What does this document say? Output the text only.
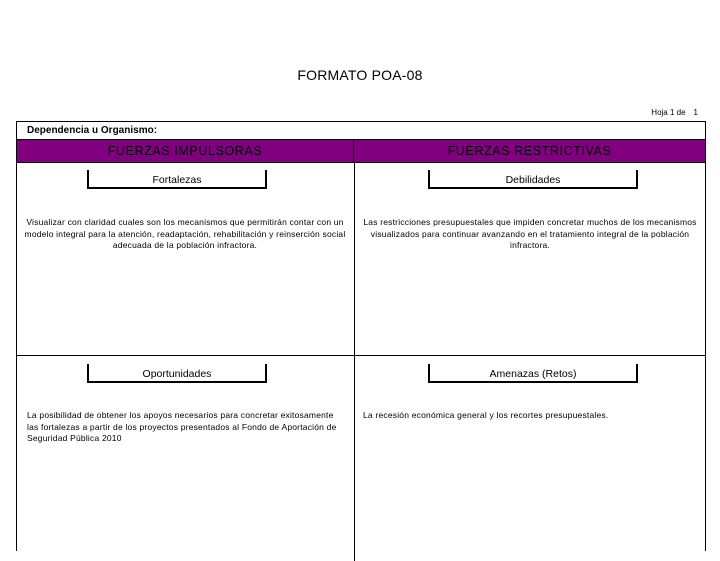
FORMATO POA-08
Hoja 1 de 1
Dependencia u Organismo:
FUERZAS IMPULSORAS	FUERZAS RESTRICTIVAS
Fortalezas
Visualizar con claridad cuales son los mecanismos que permitirán contar con un modelo integral para la atención, readaptación, rehabilitación y reinserción social adecuada de la población infractora.
Debilidades
Las restricciones presupuestales que impiden concretar muchos de los mecanismos visualizados para continuar avanzando en el tratamiento integral de la población infractora.
Oportunidades
La posibilidad de obtener los apoyos necesarios para concretar exitosamente las fortalezas a partir de los proyectos presentados al Fondo de Aportación de Seguridad Pública 2010
Amenazas (Retos)
La recesión económica general y los recortes presupuestales.
